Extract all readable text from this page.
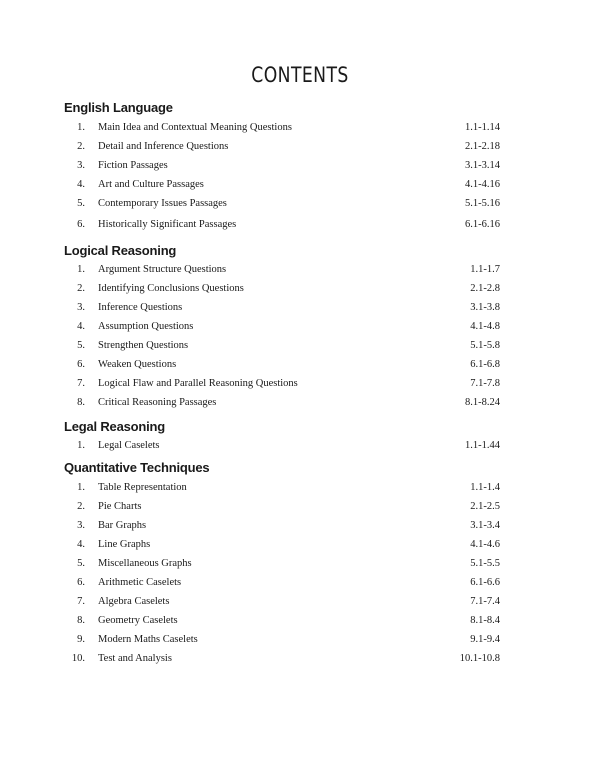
CONTENTS
English Language
1. Main Idea and Contextual Meaning Questions	1.1-1.14
2. Detail and Inference Questions	2.1-2.18
3. Fiction Passages	3.1-3.14
4. Art and Culture Passages	4.1-4.16
5. Contemporary Issues Passages	5.1-5.16
6. Historically Significant Passages	6.1-6.16
Logical Reasoning
1. Argument Structure Questions	1.1-1.7
2. Identifying Conclusions Questions	2.1-2.8
3. Inference Questions	3.1-3.8
4. Assumption Questions	4.1-4.8
5. Strengthen Questions	5.1-5.8
6. Weaken Questions	6.1-6.8
7. Logical Flaw and Parallel Reasoning Questions	7.1-7.8
8. Critical Reasoning Passages	8.1-8.24
Legal Reasoning
1. Legal Caselets	1.1-1.44
Quantitative Techniques
1. Table Representation	1.1-1.4
2. Pie Charts	2.1-2.5
3. Bar Graphs	3.1-3.4
4. Line Graphs	4.1-4.6
5. Miscellaneous Graphs	5.1-5.5
6. Arithmetic Caselets	6.1-6.6
7. Algebra Caselets	7.1-7.4
8. Geometry Caselets	8.1-8.4
9. Modern Maths Caselets	9.1-9.4
10. Test and Analysis	10.1-10.8
